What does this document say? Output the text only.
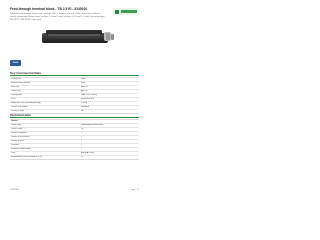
Feed-through terminal block - TB 2,5 EI - 3240010
Feed-through terminal block, nom. voltage: 800 V, nominal current: 24 A, connection method: Screw connection, Rated cross section: 2.5 mm², cross section: 0.14 mm² - 4 mm², mounting type: NS 35/7.5, NS 35/15, color: gray
RoHS
Key Commercial Data
Packing unit	50 pc
Minimum order quantity	50 pc
Sales key	BEK211
Product key	BEK211
Catalog page	Page 12 (C-1-2019)
GTIN	4055626532476
Weight per Piece (excluding packing)	5.410 g
Custom tariff number	85369010
Country of origin	DE
Technical data
General
Product type	Feed-through terminal block
Product family	TB
Number of positions	1
Number of connections	2
Number of rows	1
Potentials	1
Insulating material group	I
Color	gray (RAL 7042)
Inflammability class according to UL 94	V2
07/26/2019	Page 1 / 9
